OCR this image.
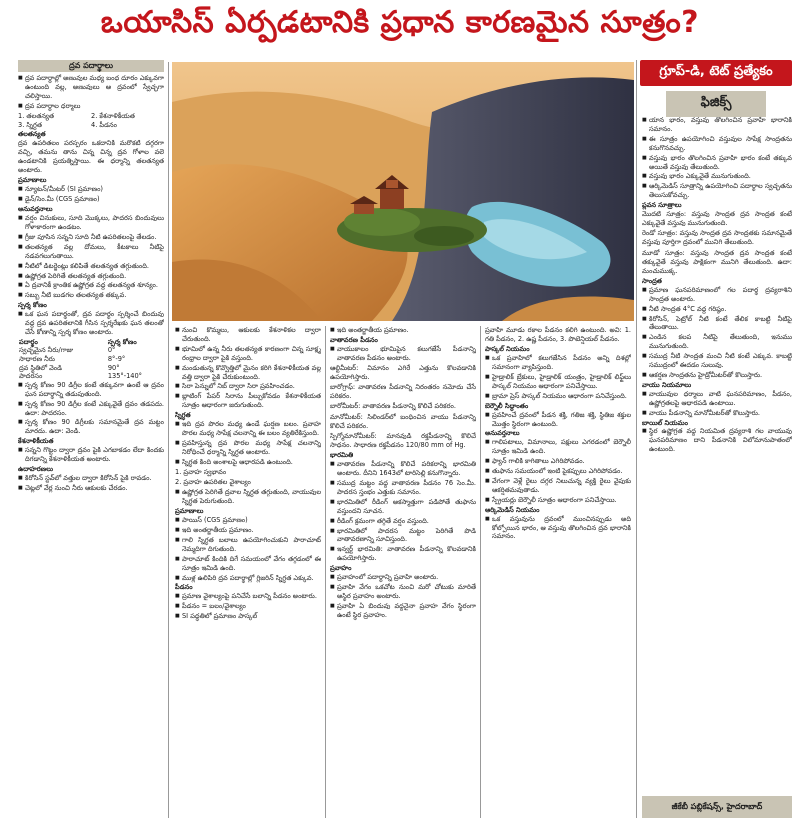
ఒయాసిస్ ఏర్పడటానికి ప్రధాన కారణమైన సూత్రం?
ద్రవ పదార్థాలు
■ ద్రవ పదార్థాల్లో అణువుల మధ్య బంధ దూరం ఎక్కువగా ఉంటుంది వల్ల, అణువులు ఆ ద్రవంలో స్వేచ్ఛగా చలిస్తాయి.
■ ద్రవ పదార్థాల ధర్మాలు
1. తలతన్యత	2. కేశనాళికీయత
3. స్నిగ్ధత	4. పీడనం
తలతన్యత

ద్రవ ఉపరితలం పరస్పరం ఒకదానికి మరొకటి దగ్గరగా వచ్చి, తమను తాను చిన్న చిన్న ద్రవ గోళాల వలె ఉండటానికి ప్రయత్నిస్తాయి. ఈ ధర్మాన్ని తలతన్యత అంటారు.

ప్రమాణాలు
■ న్యూటన్/మీటర్ (SI ప్రమాణం)
■ డైన్/సెం.మీ (CGS ప్రమాణం)
అనువర్తనాలు
■ వర్షం చినుకులు, సూది మొక్కలు, పాదరస బిందువులు గోళాకారంగా ఉండటం.
■ గ్రీజు పూసిన సన్నని సూది నీటి ఉపరితలంపై తేలడం.
■ తలతన్యత వల్ల దోమలు, కీటకాలు నీటిపై నడవగలుగుతాయి.
■ నీటిలో డిటర్జెంట్లు కలిపితే తలతన్యత తగ్గుతుంది.
■ ఉష్ణోగ్రత పెరిగితే తలతన్యత తగ్గుతుంది.
■ ఏ ద్రవానికీ క్రాంతిక ఉష్ణోగ్రత వద్ద తలతన్యత శూన్యం.
■ సబ్బు నీటి బుడగల తలతన్యత తక్కువ.
స్పర్శ కోణం
■ ఒక ఘన పదార్థంతో, ద్రవ పదార్థం స్పర్శించే బిందువు వద్ద ద్రవ ఉపరితలానికి గీసిన స్పర్శరేఖకు ఘన తలంతో చేసే కోణాన్ని స్పర్శ కోణం అంటారు.
పదార్థం	స్పర్శ కోణం
స్వచ్ఛమైన నీరు/గాజు	0°
సాధారణ నీరు	8°-9°
ద్రవ స్థితిలో వెండి	90°
పాదరసం	135°-140°
■ స్పర్శ కోణం 90 డిగ్రీల కంటే తక్కువగా ఉంటే ఆ ద్రవం ఘన పదార్థాన్ని తడుపుతుంది.
■ స్పర్శ కోణం 90 డిగ్రీల కంటే ఎక్కువైతే ద్రవం తడపదు. ఉదా: పాదరసం.
■ స్పర్శ కోణం 90 డిగ్రీలకు సమానమైతే ద్రవ మట్టం మారదు. ఉదా: వెండి.
కేశనాళికీయత
■ సన్నని గొట్టం ద్వారా ద్రవం పైకి ఎగబాకడం లేదా కిందకు దిగడాన్ని కేశనాళికీయత అంటారు.
ఉదాహరణలు
■ కిరోసిన్ స్టవ్‌లో వత్తుల ద్వారా కిరోసిన్ పైకి రావడం.
■ చెట్లలో వేర్ల నుంచి నీరు ఆకులకు చేరడం.
■ నుంచి కొమ్మలు, ఆకులకు కేశనాళికల ద్వారా చేరుతుంది.
■ భూమిలో ఉన్న నీరు తలతన్యత కారణంగా చిన్న సూక్ష్మ రంధ్రాల ద్వారా పైకి వస్తుంది.
■ మండుతున్న కొవ్వొత్తిలో మైనం కరిగి కేశనాళికీయత వల్ల వత్తి ద్వారా పైకి చేరుకుంటుంది.
■ సిరా పెన్నులో నిబ్ ద్వారా సిరా ప్రవహించడం.
■ బ్లాటింగ్ పేపర్ సిరాను పీల్చుకోవడం కేశనాళికీయత సూత్రం ఆధారంగా జరుగుతుంది.
స్నిగ్ధత
■ ఇది ద్రవ పొరల మధ్య ఉండే ఘర్షణ బలం. ప్రవాహ పొరల మధ్య సాపేక్ష చలనాన్ని ఈ బలం వ్యతిరేకిస్తుంది.
■ ప్రవహిస్తున్న ద్రవ పొరల మధ్య సాపేక్ష చలనాన్ని నిరోధించే ధర్మాన్ని స్నిగ్ధత అంటారు.
■ స్నిగ్ధత కింది అంశాలపై ఆధారపడి ఉంటుంది.

1. ప్రవాహ స్వభావం

2. ప్రవాహ ఉపరితల వైశాల్యం

■ ఉష్ణోగ్రత పెరిగితే ద్రవాల స్నిగ్ధత తగ్గుతుంది, వాయువుల స్నిగ్ధత పెరుగుతుంది.
ప్రమాణాలు
■ పాయిస్ (CGS ప్రమాణం)
■ ఇది అంతర్జాతీయ ప్రమాణం.
■ గాలి స్నిగ్ధత బలాలు ఉపయోగించుకుని పారాచూట్ నెమ్మదిగా దిగుతుంది.
■ పారాచూట్ కిందికి దిగే సమయంలో వేగం తగ్గడంలో ఈ సూత్రం ఇమిడి ఉంది.
■ ముళ్ల ఉలిపిరి ద్రవ పదార్థాల్లో గ్లిజరిన్ స్నిగ్ధత ఎక్కువ.
పీడనం
■ ప్రమాణ వైశాల్యంపై పనిచేసే బలాన్ని పీడనం అంటారు.
■ పీడనం = బలం/వైశాల్యం
■ SI పద్ధతిలో ప్రమాణం పాస్కల్
■ ఇది అంతర్జాతీయ ప్రమాణం.
వాతావరణ పీడనం
■ వాయుకాలం భూమిపైన కలుగజేసే పీడనాన్ని వాతావరణ పీడనం అంటారు.

ఆల్టిమీటర్: విమానం ఎగిరే ఎత్తును కొలవడానికి ఉపయోగిస్తారు.

బారోగ్రాఫ్: వాతావరణ పీడనాన్ని నిరంతరం నమోదు చేసే పరికరం.

బారోమీటర్: వాతావరణ పీడనాన్ని కొలిచే పరికరం.

మానోమీటర్: సిలిండర్‌లో బంధించిన వాయు పీడనాన్ని కొలిచే పరికరం.

స్పిగ్మోమానోమీటర్: మానవుడి రక్తపీడనాన్ని కొలిచే సాధనం. సాధారణ రక్తపీడనం 120/80 mm of Hg.

భారమితి
■ వాతావరణ పీడనాన్ని కొలిచే పరికరాన్ని భారమితి అంటారు. దీనిని 1643లో టారిసెల్లి కనుగొన్నారు.
■ సముద్ర మట్టం వద్ద వాతావరణ పీడనం 76 సెం.మీ. పాదరస స్తంభం ఎత్తుకు సమానం.
■ భారమితిలో రీడింగ్ అకస్మాత్తుగా పడిపోతే తుఫాను వస్తుందని సూచన.
■ రీడింగ్ క్రమంగా తగ్గితే వర్షం వస్తుంది.
■ భారమితిలో పాదరస మట్టం పెరిగితే పొడి వాతావరణాన్ని సూచిస్తుంది.
■ ఇన్వర్ట్ భారమితి: వాతావరణ పీడనాన్ని కొలవడానికి ఉపయోగిస్తారు.
ప్రవాహం
■ ప్రవాహంలో పదార్థాన్ని ప్రవాహి అంటారు.
■ ప్రవాహి వేగం ఒకచోట నుంచి మరో చోటుకు మారితే అస్థిర ప్రవాహం అంటారు.
■ ప్రవాహి ఏ బిందువు వద్దనైనా ప్రవాహ వేగం స్థిరంగా ఉంటే స్థిర ప్రవాహం.

ప్రవాహి మూడు రకాల పీడనం కలిగి ఉంటుంది. అవి: 1. గతి పీడనం, 2. ఉష్ణ పీడనం, 3. పొటెన్షియల్ పీడనం.

పాస్కల్ నియమం
■ ఒక ప్రవాహిలో కలుగజేసిన పీడనం అన్ని దిశల్లో సమానంగా వ్యాపిస్తుంది.
■ హైడ్రాలిక్ బ్రేకులు, హైడ్రాలిక్ యంత్రం, హైడ్రాలిక్ లిఫ్ట్‌లు పాస్కల్ నియమం ఆధారంగా పనిచేస్తాయి.
■ బ్రామా ప్రెస్ పాస్కల్ నియమం ఆధారంగా పనిచేస్తుంది.
బెర్నౌలీ సిద్ధాంతం
■ ప్రవహించే ద్రవంలో పీడన శక్తి, గతిజ శక్తి, స్థితిజ శక్తుల మొత్తం స్థిరంగా ఉంటుంది.
అనువర్తనాలు
■ గాలిపటాలు, విమానాలు, పక్షులు ఎగరడంలో బెర్నౌలీ సూత్రం ఇమిడి ఉంది.
■ ఫ్యాన్ గాలికి కాగితాలు ఎగిరిపోవడం.
■ తుఫాను సమయంలో ఇంటి పైకప్పులు ఎగిరిపోవడం.
■ వేగంగా వెళ్లే రైలు దగ్గర నిలుచున్న వ్యక్తి రైలు వైపుకు ఆకర్షితమవుతాడు.
■ స్ప్రేయర్లు బెర్నౌలీ సూత్రం ఆధారంగా పనిచేస్తాయి.
ఆర్కిమెడిస్ నియమం
■ ఒక వస్తువును ద్రవంలో ముంచినప్పుడు అది కోల్పోయిన భారం, ఆ వస్తువు తొలగించిన ద్రవ భారానికి సమానం.
గ్రూప్-డి, టెట్ ప్రత్యేకం
ఫిజిక్స్
■ యాన భారం, వస్తువు తొలగించిన ప్రవాహి భారానికి సమానం.
■ ఈ సూత్రం ఉపయోగించి వస్తువుల సాపేక్ష సాంద్రతను కనుగొనవచ్చు.
■ వస్తువు భారం తొలగించిన ప్రవాహి భారం కంటే తక్కువ అయితే వస్తువు తేలుతుంది.
■ వస్తువు భారం ఎక్కువైతే మునుగుతుంది.
■ ఆర్కిమెడిస్ సూత్రాన్ని ఉపయోగించి పదార్థాల స్వచ్ఛతను తెలుసుకోవచ్చు.
ప్లవన సూత్రాలు

మొదటి సూత్రం: వస్తువు సాంద్రత ద్రవ సాంద్రత కంటే ఎక్కువైతే వస్తువు మునుగుతుంది.

రెండో సూత్రం: వస్తువు సాంద్రత ద్రవ సాంద్రతకు సమానమైతే వస్తువు పూర్తిగా ద్రవంలో మునిగి తేలుతుంది.

మూడో సూత్రం: వస్తువు సాంద్రత ద్రవ సాంద్రత కంటే తక్కువైతే వస్తువు పాక్షికంగా మునిగి తేలుతుంది. ఉదా: మంచుముక్క.

సాంద్రత
■ ప్రమాణ ఘనపరిమాణంలో గల పదార్థ ద్రవ్యరాశిని సాంద్రత అంటారు.
■ నీటి సాంద్రత 4°C వద్ద గరిష్ఠం.
■ కిరోసిన్, పెట్రోల్ నీటి కంటే తేలిక కాబట్టి నీటిపై తేలుతాయి.
■ ఎండిన కలప నీటిపై తేలుతుంది, ఇనుము మునుగుతుంది.
■ సముద్ర నీటి సాంద్రత మంచి నీటి కంటే ఎక్కువ. కాబట్టి సముద్రంలో ఈదడం సులువు.
■ ఆకర్షణ సాంద్రతను హైడ్రోమీటర్‌తో కొలుస్తారు.
వాయు నియమాలు
■ వాయువుల ధర్మాలు వాటి ఘనపరిమాణం, పీడనం, ఉష్ణోగ్రతలపై ఆధారపడి ఉంటాయి.
■ వాయు పీడనాన్ని మానోమీటర్‌తో కొలుస్తారు.
బాయిల్ నియమం
■ స్థిర ఉష్ణోగ్రత వద్ద నియమిత ద్రవ్యరాశి గల వాయువు ఘనపరిమాణం దాని పీడనానికి విలోమానుపాతంలో ఉంటుంది.
జీకేబీ పబ్లికేషన్స్, హైదరాబాద్
